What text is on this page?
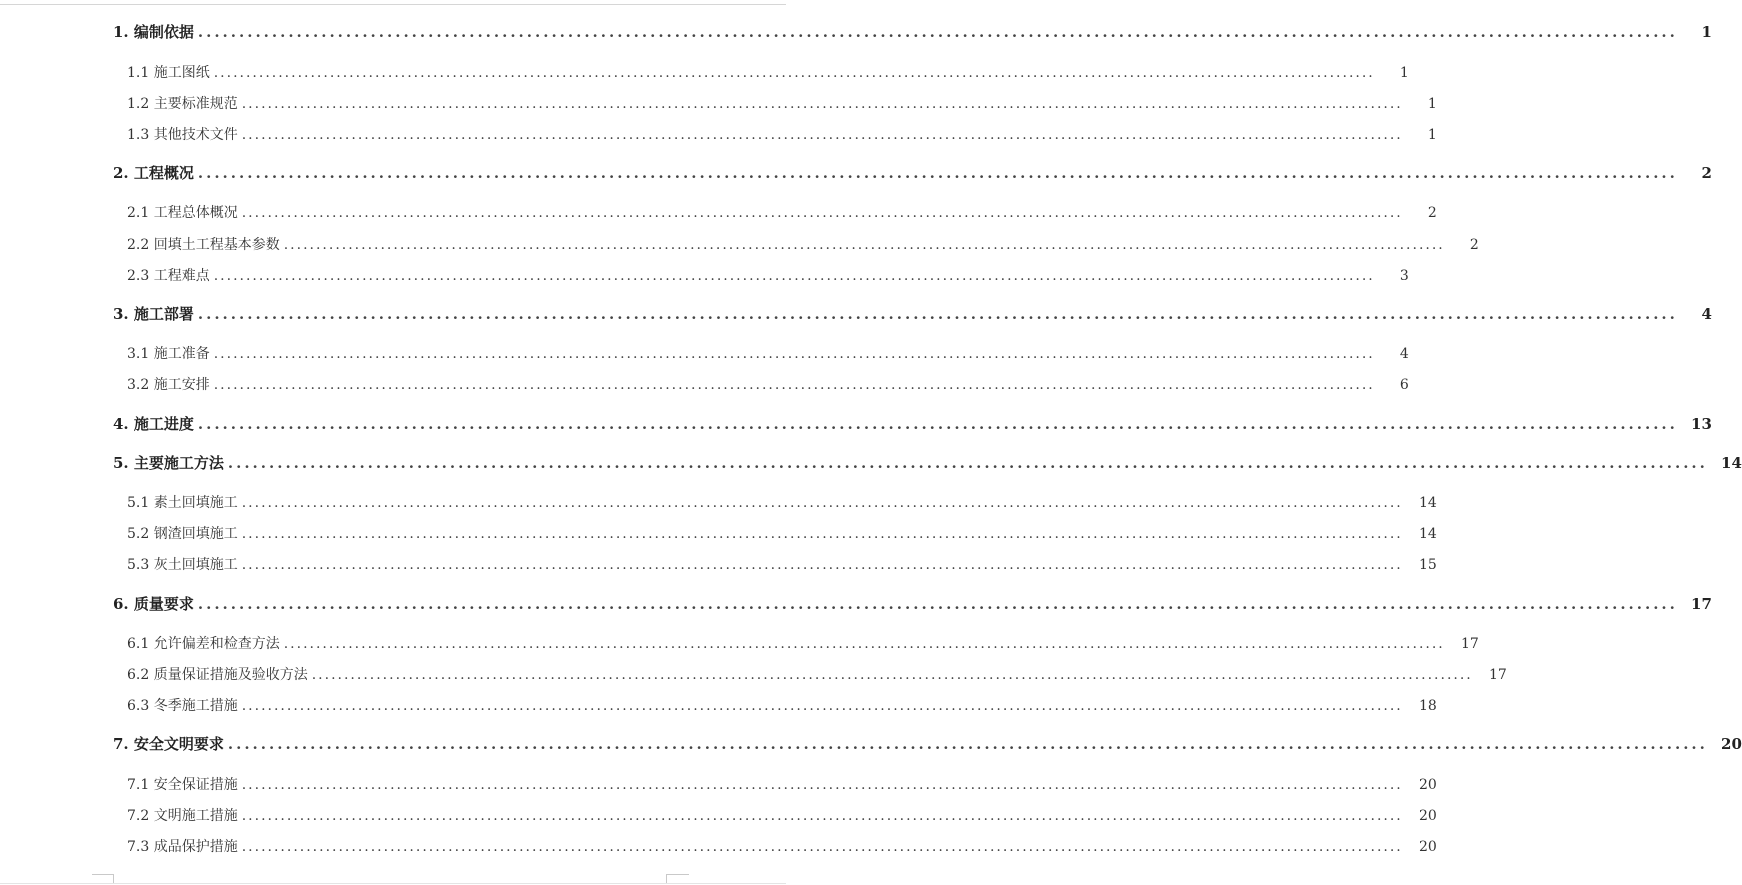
1. 编制依据 .....	1
1.1 施工图纸 .....	1
1.2 主要标准规范 .....	1
1.3 其他技术文件 .....	1
2. 工程概况 .....	2
2.1 工程总体概况 .....	2
2.2 回填土工程基本参数 .....	2
2.3 工程难点 .....	3
3. 施工部署 .....	4
3.1 施工准备 .....	4
3.2 施工安排 .....	6
4. 施工进度 .....	13
5. 主要施工方法 .....	14
5.1 素土回填施工 .....	14
5.2 钢渣回填施工 .....	14
5.3 灰土回填施工 .....	15
6. 质量要求 .....	17
6.1 允许偏差和检查方法 .....	17
6.2 质量保证措施及验收方法 .....	17
6.3 冬季施工措施 .....	18
7. 安全文明要求 .....	20
7.1 安全保证措施 .....	20
7.2 文明施工措施 .....	20
7.3 成品保护措施 .....	20
